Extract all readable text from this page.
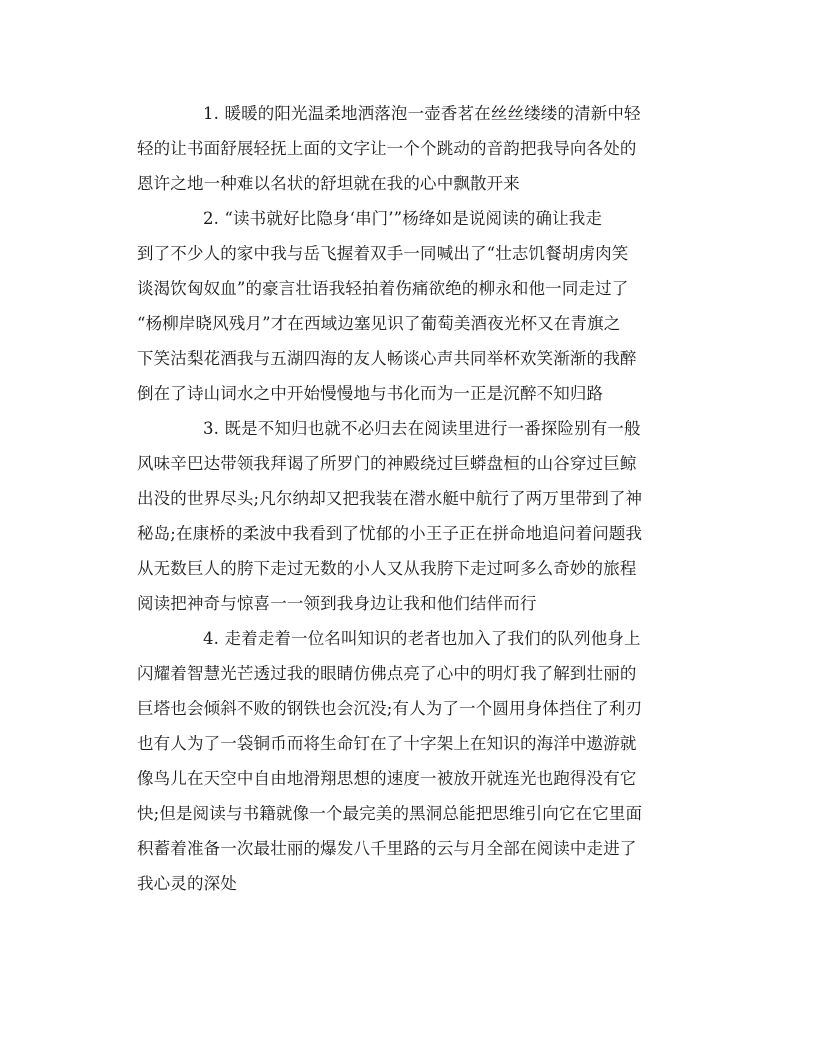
1. 暖暖的阳光温柔地洒落泡一壶香茗在丝丝缕缕的清新中轻
轻的让书面舒展轻抚上面的文字让一个个跳动的音韵把我导向各处的
恩许之地一种难以名状的舒坦就在我的心中飘散开来
2. “读书就好比隐身‘串门’”杨绛如是说阅读的确让我走
到了不少人的家中我与岳飞握着双手一同喊出了“壮志饥餐胡虏肉笑
谈渴饮匈奴血”的豪言壮语我轻拍着伤痛欲绝的柳永和他一同走过了
“杨柳岸晓风残月”才在西域边塞见识了葡萄美酒夜光杯又在青旗之
下笑沽梨花酒我与五湖四海的友人畅谈心声共同举杯欢笑渐渐的我醉
倒在了诗山词水之中开始慢慢地与书化而为一正是沉醉不知归路
3. 既是不知归也就不必归去在阅读里进行一番探险别有一般
风味辛巴达带领我拜谒了所罗门的神殿绕过巨蟒盘桓的山谷穿过巨鲸
出没的世界尽头;凡尔纳却又把我装在潜水艇中航行了两万里带到了神
秘岛;在康桥的柔波中我看到了忧郁的小王子正在拼命地追问着问题我
从无数巨人的胯下走过无数的小人又从我胯下走过呵多么奇妙的旅程
阅读把神奇与惊喜一一领到我身边让我和他们结伴而行
4. 走着走着一位名叫知识的老者也加入了我们的队列他身上
闪耀着智慧光芒透过我的眼睛仿佛点亮了心中的明灯我了解到壮丽的
巨塔也会倾斜不败的钢铁也会沉没;有人为了一个圆用身体挡住了利刃
也有人为了一袋铜币而将生命钉在了十字架上在知识的海洋中遨游就
像鸟儿在天空中自由地滑翔思想的速度一被放开就连光也跑得没有它
快;但是阅读与书籍就像一个最完美的黑洞总能把思维引向它在它里面
积蓄着准备一次最壮丽的爆发八千里路的云与月全部在阅读中走进了
我心灵的深处
